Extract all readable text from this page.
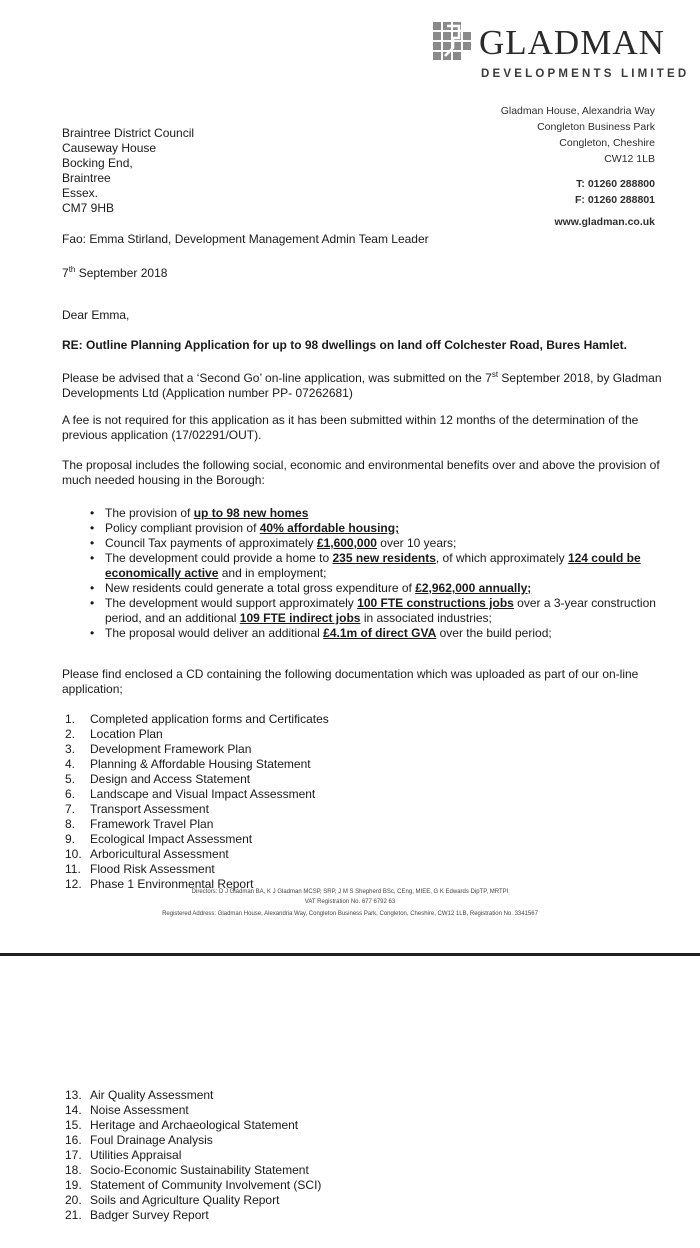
GLADMAN
DEVELOPMENTS LIMITED
Gladman House, Alexandria Way
Congleton Business Park
Congleton, Cheshire
CW12 1LB
T: 01260 288800
F: 01260 288801
www.gladman.co.uk
Braintree District Council
Causeway House
Bocking End,
Braintree
Essex.
CM7 9HB
Fao: Emma Stirland, Development Management Admin Team Leader
7th September 2018
Dear Emma,
RE: Outline Planning Application for up to 98 dwellings on land off Colchester Road, Bures Hamlet.
Please be advised that a ‘Second Go’ on-line application, was submitted on the 7st September 2018, by Gladman Developments Ltd (Application number PP- 07262681)
A fee is not required for this application as it has been submitted within 12 months of the determination of the previous application (17/02291/OUT).
The proposal includes the following social, economic and environmental benefits over and above the provision of much needed housing in the Borough:
• The provision of up to 98 new homes
• Policy compliant provision of 40% affordable housing;
• Council Tax payments of approximately £1,600,000 over 10 years;
• The development could provide a home to 235 new residents, of which approximately 124 could be economically active and in employment;
• New residents could generate a total gross expenditure of £2,962,000 annually;
• The development would support approximately 100 FTE constructions jobs over a 3-year construction period, and an additional 109 FTE indirect jobs in associated industries;
• The proposal would deliver an additional £4.1m of direct GVA over the build period;
Please find enclosed a CD containing the following documentation which was uploaded as part of our on-line application;
1.	Completed application forms and Certificates
2.	Location Plan
3.	Development Framework Plan
4.	Planning & Affordable Housing Statement
5.	Design and Access Statement
6.	Landscape and Visual Impact Assessment
7.	Transport Assessment
8.	Framework Travel Plan
9.	Ecological Impact Assessment
10. Arboricultural Assessment
11. Flood Risk Assessment
12. Phase 1 Environmental Report
Directors: D J Gladman BA, K J Gladman MCSP, SRP, J M S Shepherd BSc, CEng, MIEE, G K Edwards DipTP, MRTPI
VAT Registration No. 677 6792 63
Registered Address: Gladman House, Alexandria Way, Congleton Business Park, Congleton, Cheshire, CW12 1LB, Registration No. 3341567
13. Air Quality Assessment
14. Noise Assessment
15. Heritage and Archaeological Statement
16. Foul Drainage Analysis
17. Utilities Appraisal
18. Socio-Economic Sustainability Statement
19. Statement of Community Involvement (SCI)
20. Soils and Agriculture Quality Report
21. Badger Survey Report
